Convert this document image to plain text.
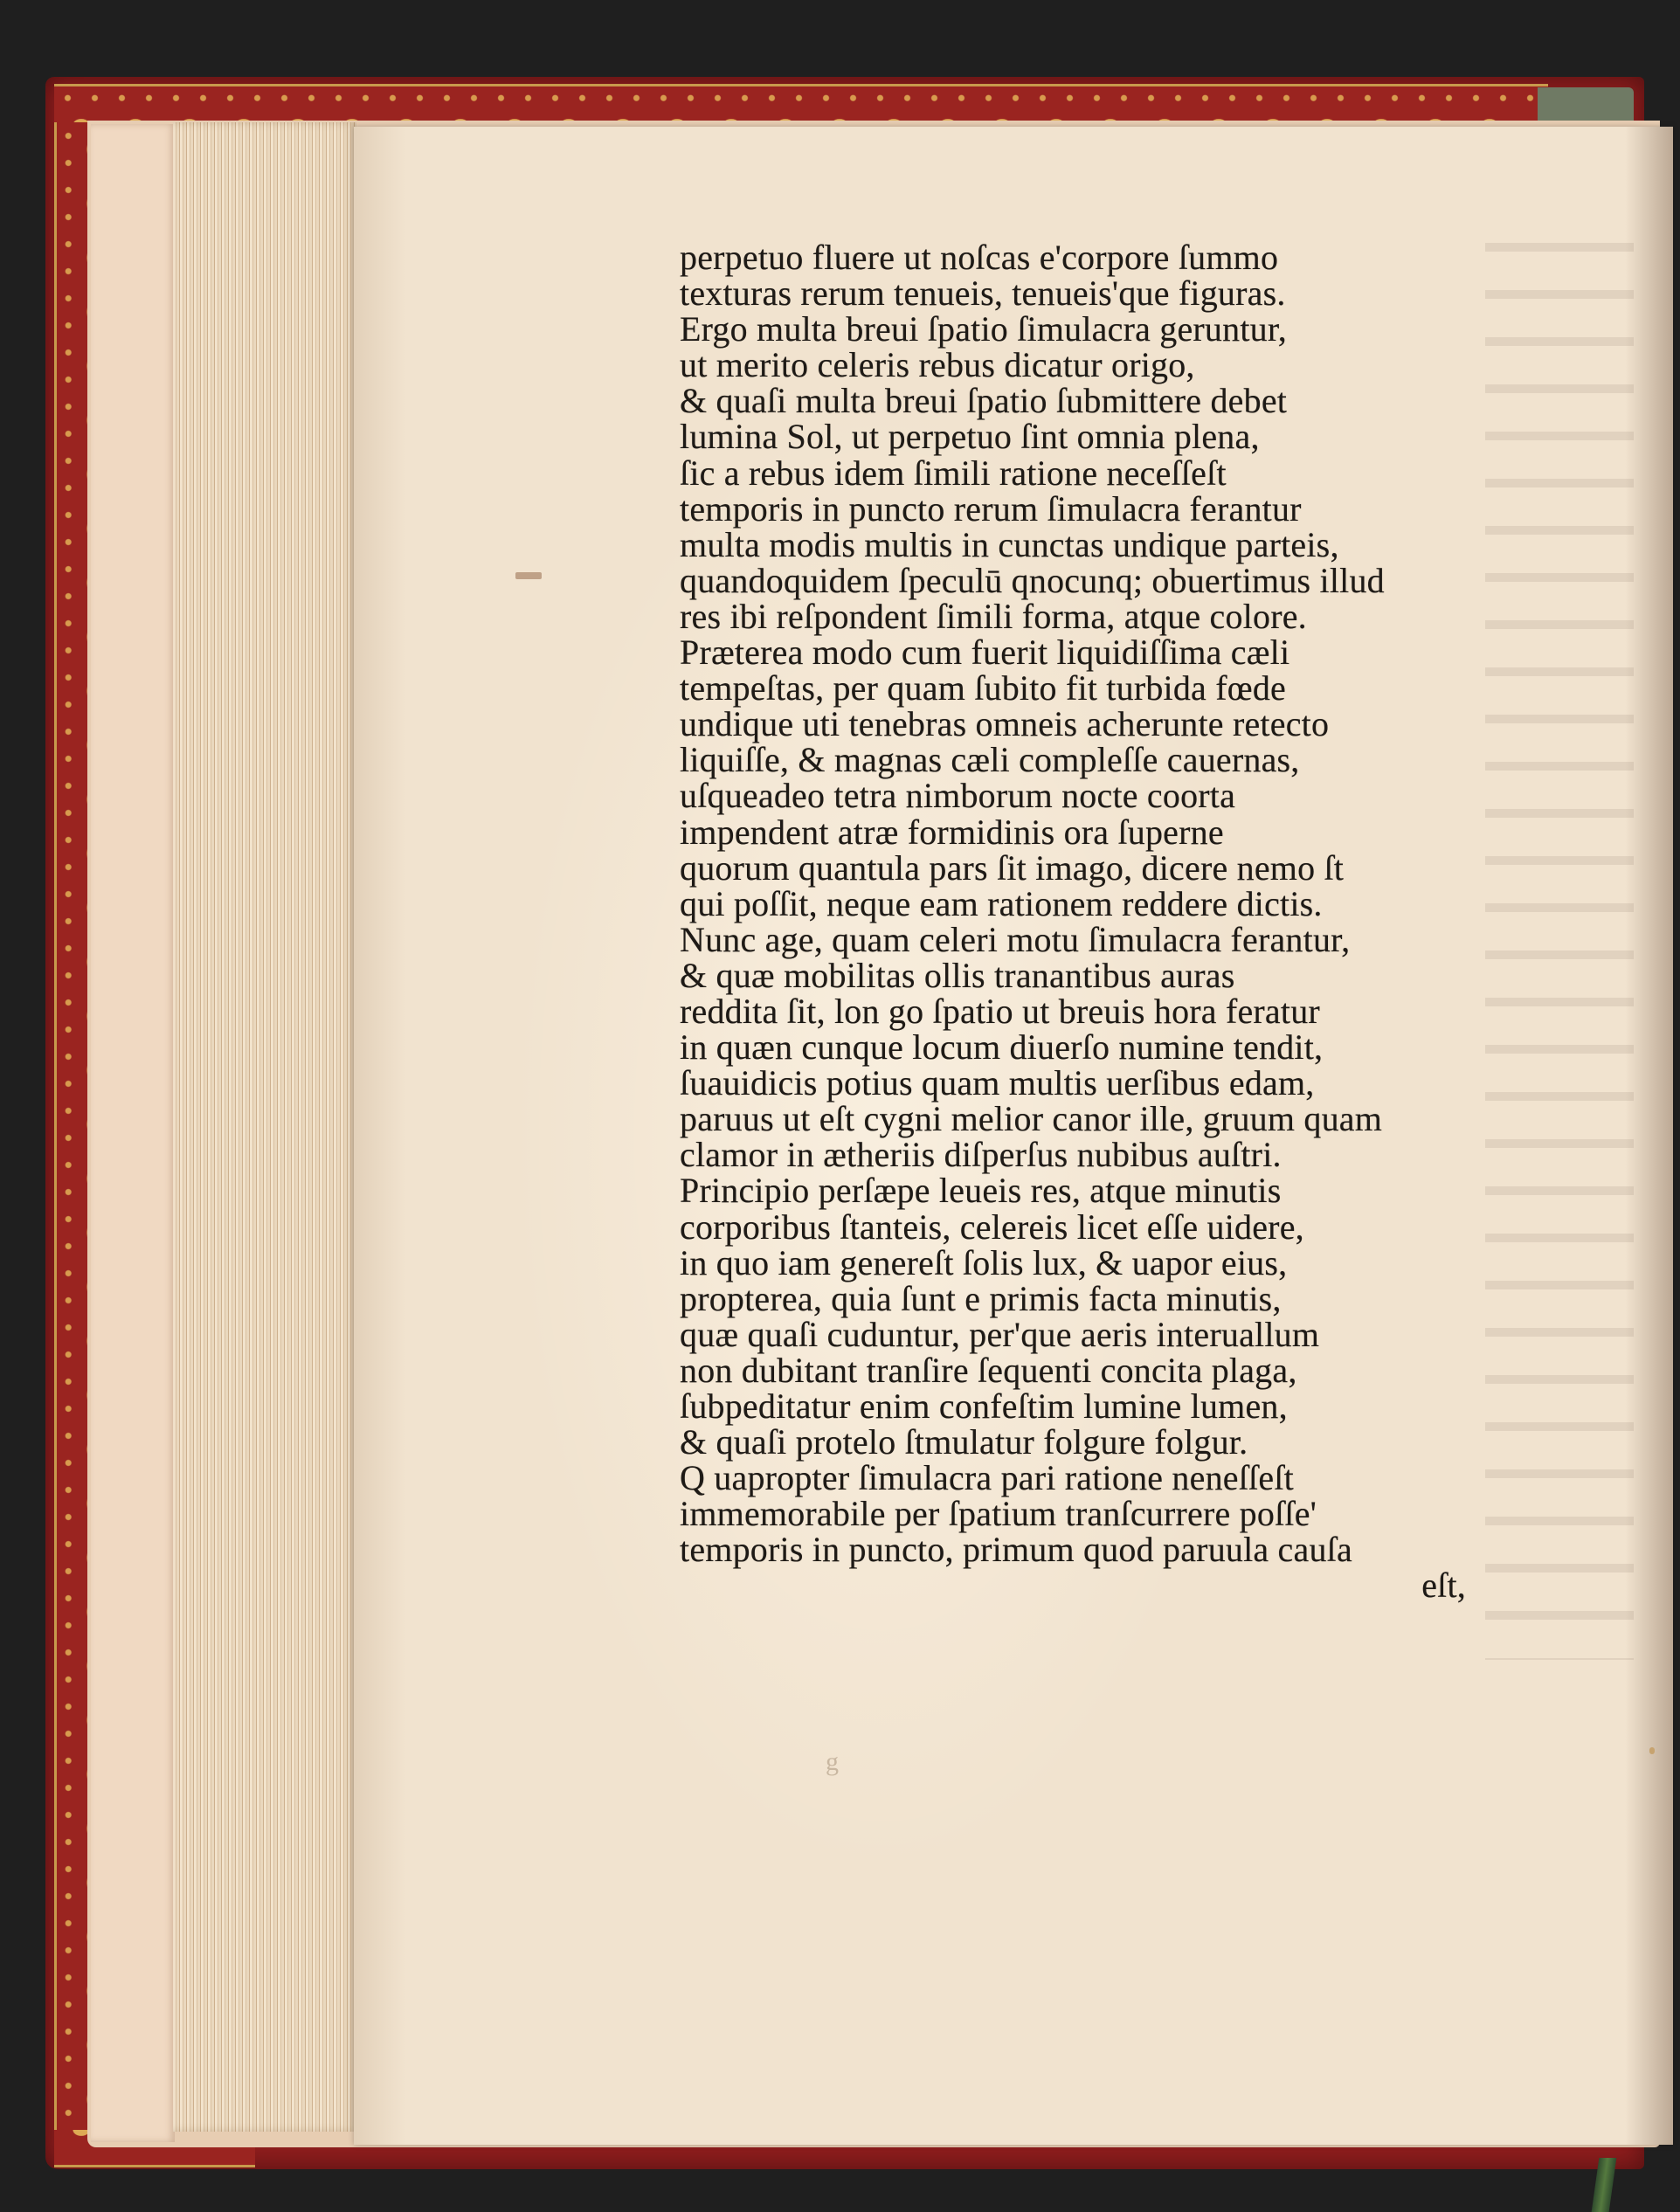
perpetuo fluere ut noſcas e'corpore ſummo
texturas rerum tenueis, tenueis'que figuras.
Ergo multa breui ſpatio ſimulacra geruntur,
ut merito celeris rebus dicatur origo,
& quaſi multa breui ſpatio ſubmittere debet
lumina Sol, ut perpetuo ſint omnia plena,
ſic a rebus idem ſimili ratione neceſſeſt
temporis in puncto rerum ſimulacra ferantur
multa modis multis in cunctas undique parteis,
quandoquidem ſpeculū qnocunq; obuertimus illud
res ibi reſpondent ſimili forma, atque colore.
Præterea modo cum fuerit liquidiſſima cæli
tempeſtas, per quam ſubito fit turbida fœde
undique uti tenebras omneis acherunte retecto
liquiſſe, & magnas cæli compleſſe cauernas,
uſqueadeo tetra nimborum nocte coorta
impendent atræ formidinis ora ſuperne
quorum quantula pars ſit imago, dicere nemo ſt
qui poſſit, neque eam rationem reddere dictis.
Nunc age, quam celeri motu ſimulacra ferantur,
& quæ mobilitas ollis tranantibus auras
reddita ſit, lon go ſpatio ut breuis hora feratur
in quæn cunque locum diuerſo numine tendit,
ſuauidicis potius quam multis uerſibus edam,
paruus ut eſt cygni melior canor ille, gruum quam
clamor in ætheriis diſperſus nubibus auſtri.
Principio perſæpe leueis res, atque minutis
corporibus ſtanteis, celereis licet eſſe uidere,
in quo iam genereſt ſolis lux, & uapor eius,
propterea, quia ſunt e primis facta minutis,
quæ quaſi cuduntur, per'que aeris interuallum
non dubitant tranſire ſequenti concita plaga,
ſubpeditatur enim confeſtim lumine lumen,
& quaſi protelo ſtmulatur folgure folgur.
Q uapropter ſimulacra pari ratione neneſſeſt
immemorabile per ſpatium tranſcurrere poſſe'
temporis in puncto, primum quod paruula cauſa
eſt,
g
